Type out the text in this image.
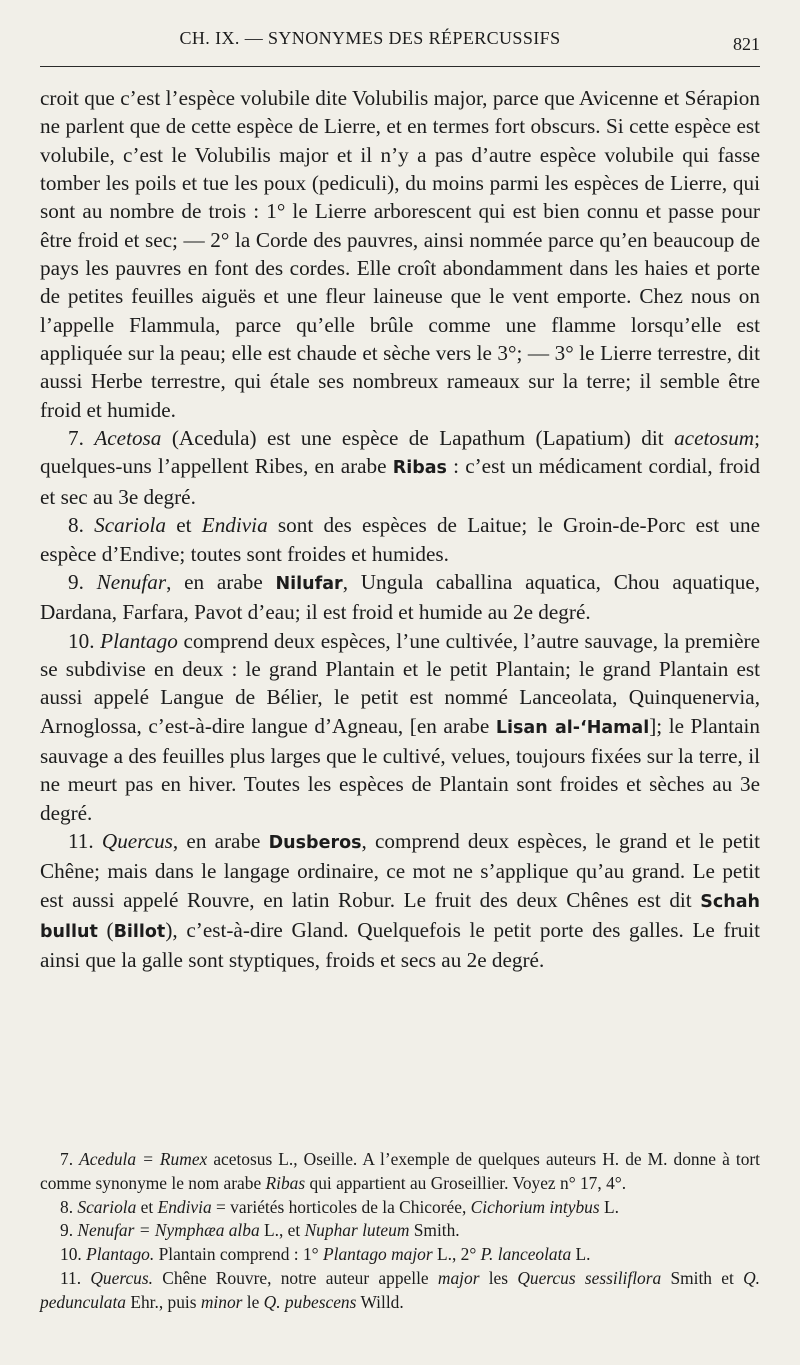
CH. IX. — SYNONYMES DES RÉPERCUSSIFS	821

croit que c’est l’espèce volubile dite Volubilis major, parce que Avicenne et Sérapion ne parlent que de cette espèce de Lierre, et en termes fort obscurs. Si cette espèce est volubile, c’est le Volubilis major et il n’y a pas d’autre espèce volubile qui fasse tomber les poils et tue les poux (pediculi), du moins parmi les espèces de Lierre, qui sont au nombre de trois : 1° le Lierre arborescent qui est bien connu et passe pour être froid et sec; — 2° la Corde des pauvres, ainsi nommée parce qu’en beaucoup de pays les pauvres en font des cordes. Elle croît abondamment dans les haies et porte de petites feuilles aiguës et une fleur laineuse que le vent emporte. Chez nous on l’appelle Flammula, parce qu’elle brûle comme une flamme lorsqu’elle est appliquée sur la peau; elle est chaude et sèche vers le 3°; — 3° le Lierre terrestre, dit aussi Herbe terrestre, qui étale ses nombreux rameaux sur la terre; il semble être froid et humide.

7. Acetosa (Acedula) est une espèce de Lapathum (Lapatium) dit acetosum; quelques-uns l’appellent Ribes, en arabe Ribas : c’est un médicament cordial, froid et sec au 3e degré.

8. Scariola et Endivia sont des espèces de Laitue; le Groin-de-Porc est une espèce d’Endive; toutes sont froides et humides.

9. Nenufar, en arabe Nilufar, Ungula caballina aquatica, Chou aquatique, Dardana, Farfara, Pavot d’eau; il est froid et humide au 2e degré.

10. Plantago comprend deux espèces, l’une cultivée, l’autre sauvage, la première se subdivise en deux : le grand Plantain et le petit Plantain; le grand Plantain est aussi appelé Langue de Bélier, le petit est nommé Lanceolata, Quinquenervia, Arnoglossa, c’est-à-dire langue d’Agneau, [en arabe Lisan al-‘Hamal]; le Plantain sauvage a des feuilles plus larges que le cultivé, velues, toujours fixées sur la terre, il ne meurt pas en hiver. Toutes les espèces de Plantain sont froides et sèches au 3e degré.

11. Quercus, en arabe Dusberos, comprend deux espèces, le grand et le petit Chêne; mais dans le langage ordinaire, ce mot ne s’applique qu’au grand. Le petit est aussi appelé Rouvre, en latin Robur. Le fruit des deux Chênes est dit Schah bullut (Billot), c’est-à-dire Gland. Quelquefois le petit porte des galles. Le fruit ainsi que la galle sont styptiques, froids et secs au 2e degré.

7. Acedula = Rumex acetosus L., Oseille. A l’exemple de quelques auteurs H. de M. donne à tort comme synonyme le nom arabe Ribas qui appartient au Groseillier. Voyez n° 17, 4°.

8. Scariola et Endivia = variétés horticoles de la Chicorée, Cichorium intybus L.

9. Nenufar = Nymphæa alba L., et Nuphar luteum Smith.

10. Plantago. Plantain comprend : 1° Plantago major L., 2° P. lanceolata L.

11. Quercus. Chêne Rouvre, notre auteur appelle major les Quercus sessiliflora Smith et Q. pedunculata Ehr., puis minor le Q. pubescens Willd.
